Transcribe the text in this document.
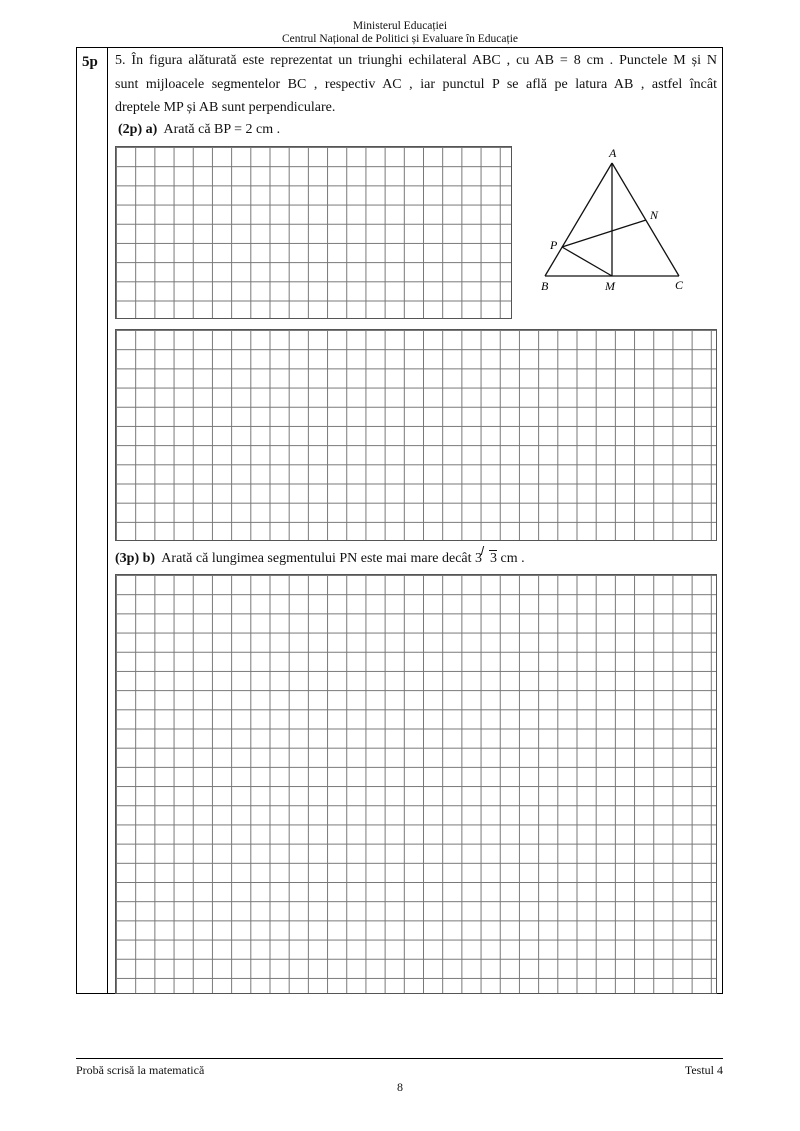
Ministerul Educației
Centrul Național de Politici și Evaluare în Educație
5p 5. În figura alăturată este reprezentat un triunghi echilateral ABC , cu AB = 8 cm . Punctele M și N
sunt mijloacele segmentelor BC , respectiv AC , iar punctul P se află pe latura AB , astfel încât
dreptele MP și AB sunt perpendiculare.
(2p) a) Arată că BP = 2 cm .
A
B	C
M
N
P
(3p) b) Arată că lungimea segmentului PN este mai mare decât 3 3 cm .
Probă scrisă la matematică	Testul 4
8
